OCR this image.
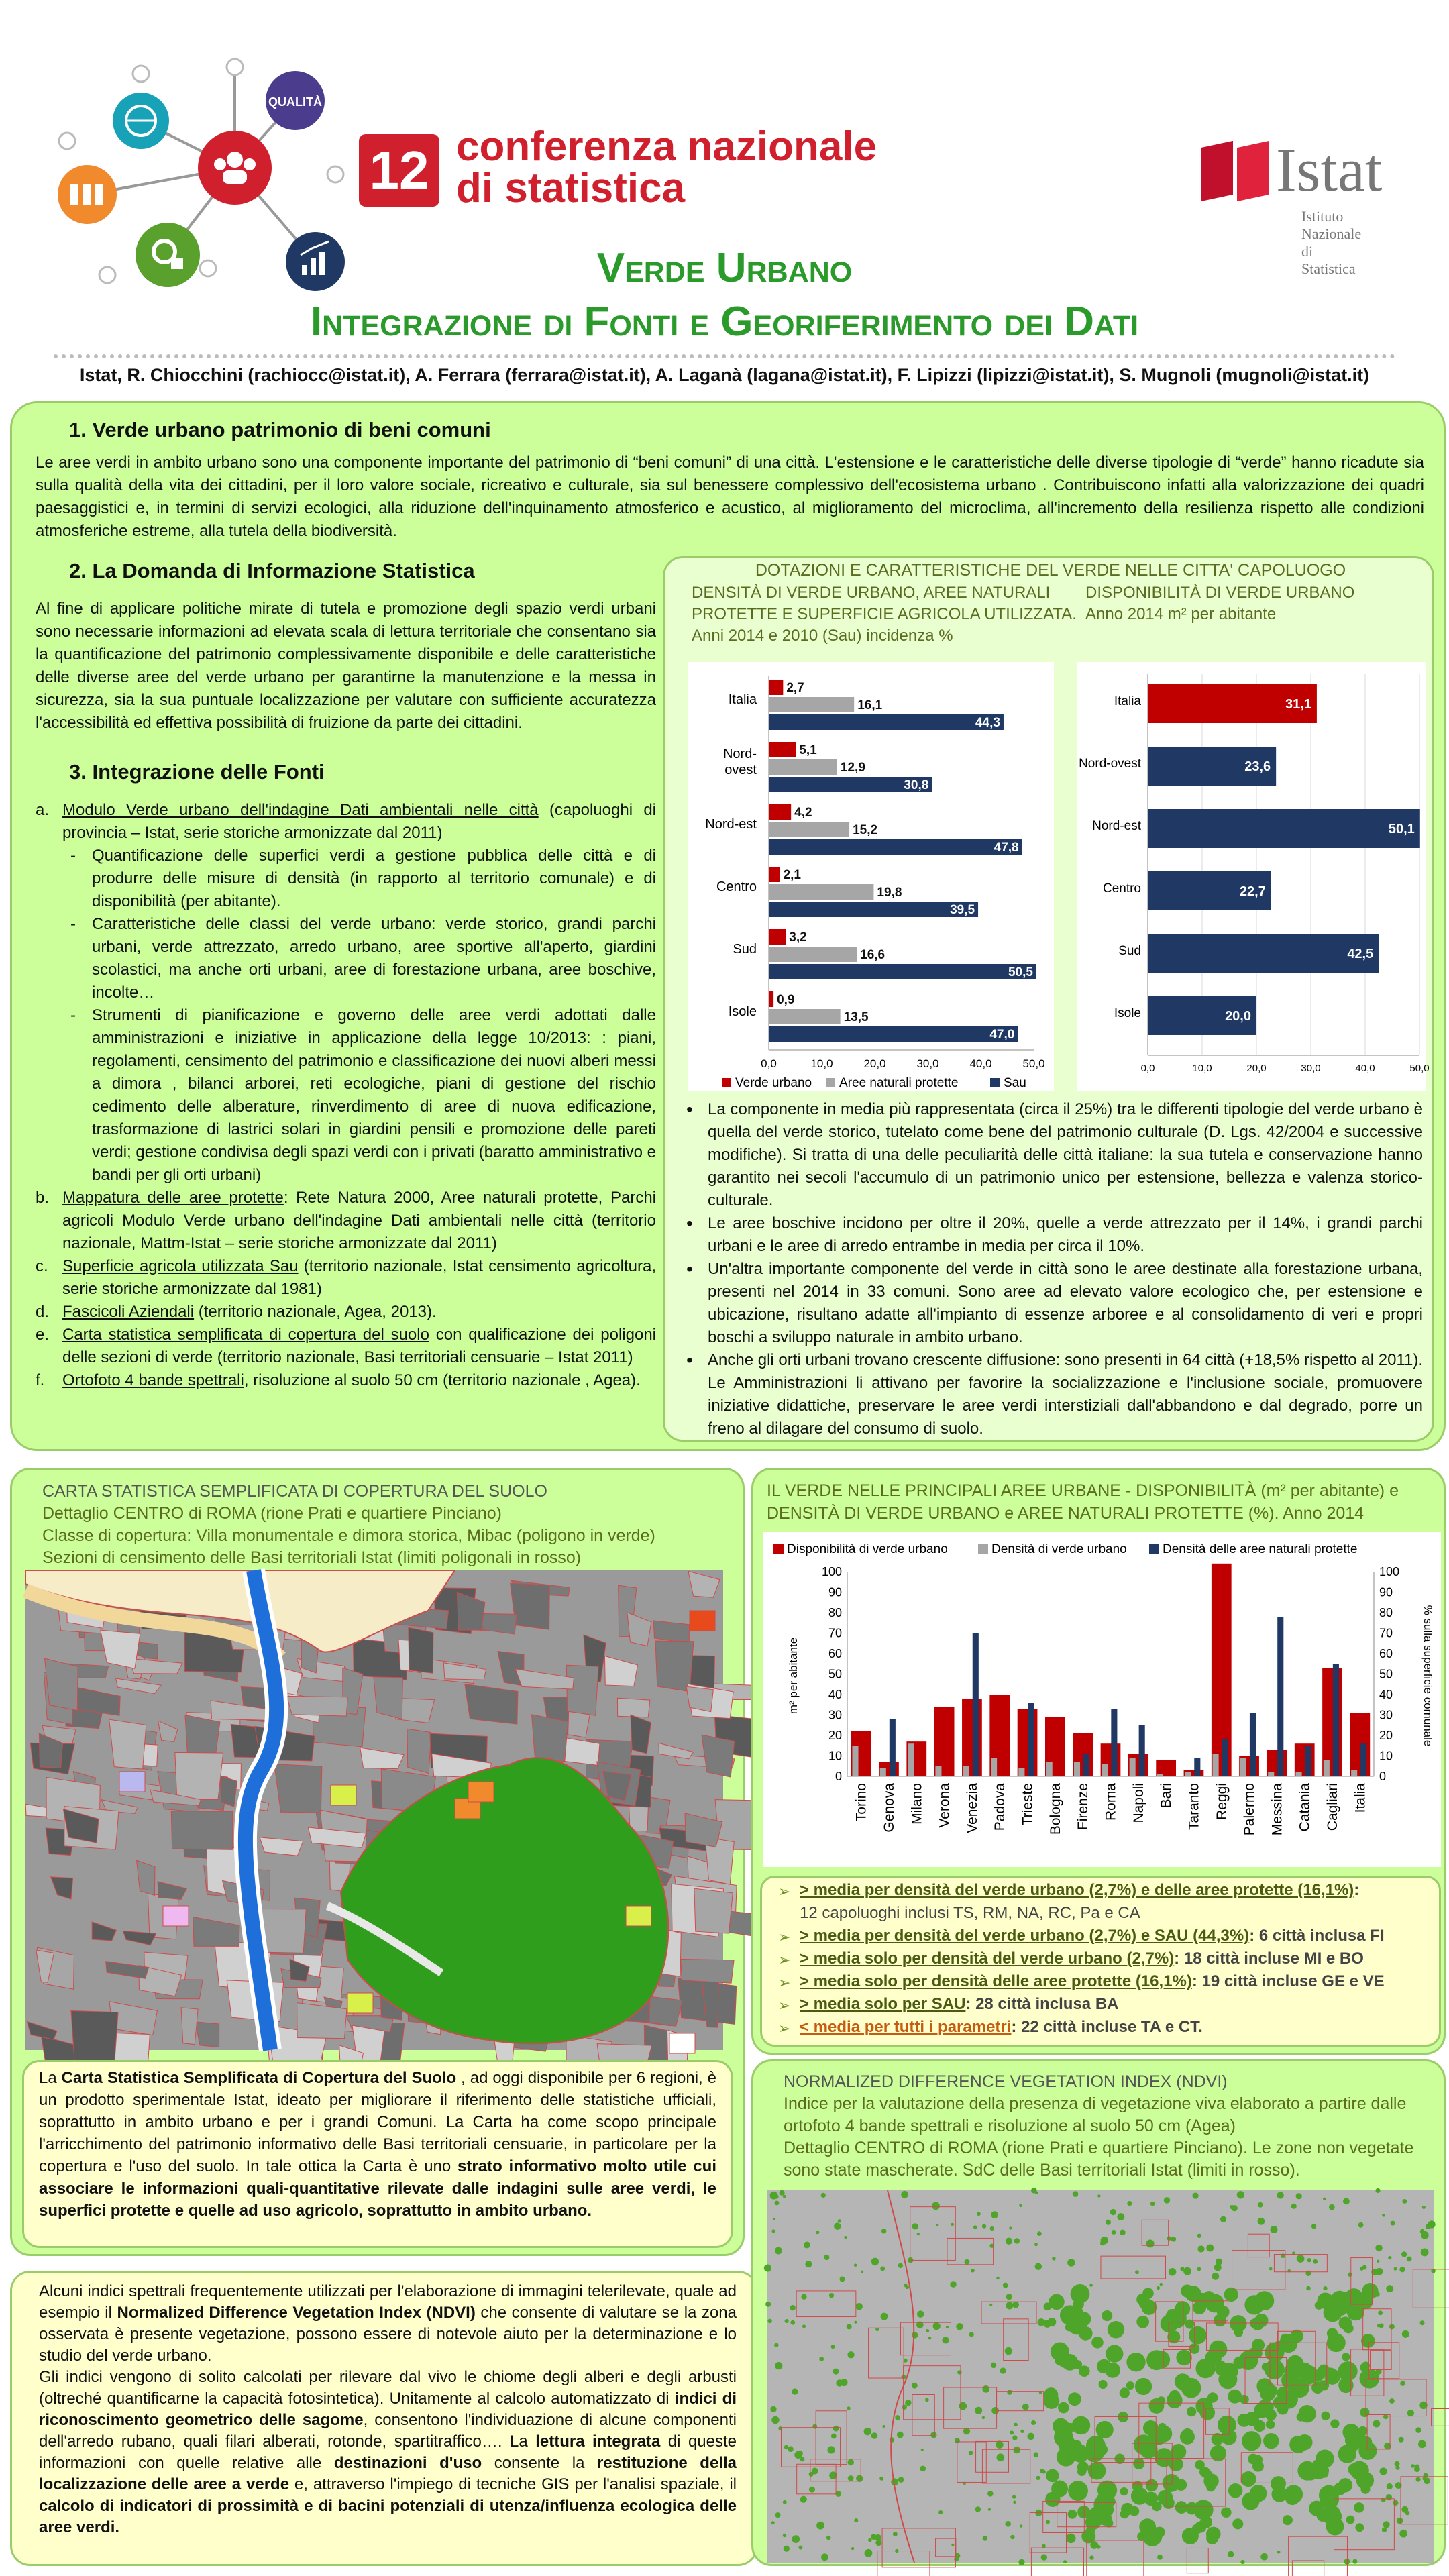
QUALITÀ
12 conferenza nazionale
di statistica	Istat
Istituto Nazionale
di Statistica
Verde Urbano
Integrazione di Fonti e Georiferimento dei Dati
Istat, R. Chiocchini (rachiocc@istat.it), A. Ferrara (ferrara@istat.it), A. Laganà (lagana@istat.it), F. Lipizzi (lipizzi@istat.it), S. Mugnoli (mugnoli@istat.it)
1. Verde urbano patrimonio di beni comuni
Le aree verdi in ambito urbano sono una componente importante del patrimonio di “beni comuni” di una città. L'estensione e le caratteristiche delle diverse tipologie di “verde” hanno ricadute sia sulla qualità della vita dei cittadini, per il loro valore sociale, ricreativo e culturale, sia sul benessere complessivo dell'ecosistema urbano . Contribuiscono infatti alla valorizzazione dei quadri paesaggistici e, in termini di servizi ecologici, alla riduzione dell'inquinamento atmosferico e acustico, al miglioramento del microclima, all'incremento della resilienza rispetto alle condizioni atmosferiche estreme, alla tutela della biodiversità.
2. La Domanda di Informazione Statistica
Al fine di applicare politiche mirate di tutela e promozione degli spazio verdi urbani sono necessarie informazioni ad elevata scala di lettura territoriale che consentano sia la quantificazione del patrimonio complessivamente disponibile e delle caratteristiche delle diverse aree del verde urbano per garantirne la manutenzione e la messa in sicurezza, sia la sua puntuale localizzazione per valutare con sufficiente accuratezza l'accessibilità ed effettiva possibilità di fruizione da parte dei cittadini.
3. Integrazione delle Fonti
a. Modulo Verde urbano dell'indagine Dati ambientali nelle città (capoluoghi di provincia – Istat, serie storiche armonizzate dal 2011)
- Quantificazione delle superfici verdi a gestione pubblica delle città e di produrre delle misure di densità (in rapporto al territorio comunale) e di disponibilità (per abitante).
- Caratteristiche delle classi del verde urbano: verde storico, grandi parchi urbani, verde attrezzato, arredo urbano, aree sportive all'aperto, giardini scolastici, ma anche orti urbani, aree di forestazione urbana, aree boschive, incolte…
- Strumenti di pianificazione e governo delle aree verdi adottati dalle amministrazioni e iniziative in applicazione della legge 10/2013: : piani, regolamenti, censimento del patrimonio e classificazione dei nuovi alberi messi a dimora , bilanci arborei, reti ecologiche, piani di gestione del rischio cedimento delle alberature, rinverdimento di aree di nuova edificazione, trasformazione di lastrici solari in giardini pensili e promozione delle pareti verdi; gestione condivisa degli spazi verdi con i privati (baratto amministrativo e bandi per gli orti urbani)
b. Mappatura delle aree protette: Rete Natura 2000, Aree naturali protette, Parchi agricoli Modulo Verde urbano dell'indagine Dati ambientali nelle città (territorio nazionale, Mattm-Istat – serie storiche armonizzate dal 2011)
c. Superficie agricola utilizzata Sau (territorio nazionale, Istat censimento agricoltura, serie storiche armonizzate dal 1981)
d. Fascicoli Aziendali (territorio nazionale, Agea, 2013).
e. Carta statistica semplificata di copertura del suolo con qualificazione dei poligoni delle sezioni di verde (territorio nazionale, Basi territoriali censuarie – Istat 2011)
f. Ortofoto 4 bande spettrali, risoluzione al suolo 50 cm (territorio nazionale , Agea).
DOTAZIONI E CARATTERISTICHE DEL VERDE NELLE CITTA' CAPOLUOGO
DENSITÀ DI VERDE URBANO, AREE NATURALI PROTETTE E SUPERFICIE AGRICOLA UTILIZZATA.
Anni 2014 e 2010 (Sau) incidenza %
DISPONIBILITÀ DI VERDE URBANO
Anno 2014 m² per abitante
Italia
2,7
16,1
44,3
Nord-
ovest
5,1
12,9
30,8
Nord-est
4,2
15,2
47,8
Centro
2,1
19,8
39,5
Sud
3,2
16,6
50,5
Isole
0,9
13,5
47,0
0,0	10,0	20,0	30,0	40,0	50,0
Verde urbano Aree naturali protette	Sau
Italia	31,1
Nord-ovest	23,6
Nord-est	50,1
Centro	22,7
Sud	42,5
Isole	20,0
0,0	10,0	20,0	30,0	40,0	50,0
• La componente in media più rappresentata (circa il 25%) tra le differenti tipologie del verde urbano è quella del verde storico, tutelato come bene del patrimonio culturale (D. Lgs. 42/2004 e successive modifiche). Si tratta di una delle peculiarità delle città italiane: la sua tutela e conservazione hanno garantito nei secoli l'accumulo di un patrimonio unico per estensione, bellezza e valenza storico-culturale.
• Le aree boschive incidono per oltre il 20%, quelle a verde attrezzato per il 14%, i grandi parchi urbani e le aree di arredo entrambe in media per circa il 10%.
• Un'altra importante componente del verde in città sono le aree destinate alla forestazione urbana, presenti nel 2014 in 33 comuni. Sono aree ad elevato valore ecologico che, per estensione e ubicazione, risultano adatte all'impianto di essenze arboree e al consolidamento di veri e propri boschi a sviluppo naturale in ambito urbano.
• Anche gli orti urbani trovano crescente diffusione: sono presenti in 64 città (+18,5% rispetto al 2011). Le Amministrazioni li attivano per favorire la socializzazione e l'inclusione sociale, promuovere iniziative didattiche, preservare le aree verdi interstiziali dall'abbandono e dal degrado, porre un freno al dilagare del consumo di suolo.
CARTA STATISTICA SEMPLIFICATA DI COPERTURA DEL SUOLO
Dettaglio CENTRO di ROMA (rione Prati e quartiere Pinciano)
Classe di copertura: Villa monumentale e dimora storica, Mibac (poligono in verde)
Sezioni di censimento delle Basi territoriali Istat (limiti poligonali in rosso)
La Carta Statistica Semplificata di Copertura del Suolo , ad oggi disponibile per 6 regioni, è un prodotto sperimentale Istat, ideato per migliorare il riferimento delle statistiche ufficiali, soprattutto in ambito urbano e per i grandi Comuni. La Carta ha come scopo principale l'arricchimento del patrimonio informativo delle Basi territoriali censuarie, in particolare per la copertura e l'uso del suolo. In tale ottica la Carta è uno strato informativo molto utile cui associare le informazioni quali-quantitative rilevate dalle indagini sulle aree verdi, le superfici protette e quelle ad uso agricolo, soprattutto in ambito urbano.
Alcuni indici spettrali frequentemente utilizzati per l'elaborazione di immagini telerilevate, quale ad esempio il Normalized Difference Vegetation Index (NDVI) che consente di valutare se la zona osservata è presente vegetazione, possono essere di notevole aiuto per la determinazione e lo studio del verde urbano.
Gli indici vengono di solito calcolati per rilevare dal vivo le chiome degli alberi e degli arbusti (oltreché quantificarne la capacità fotosintetica). Unitamente al calcolo automatizzato di indici di riconoscimento geometrico delle sagome, consentono l'individuazione di alcune componenti dell'arredo rubano, quali filari alberati, rotonde, spartitraffico…. La lettura integrata di queste informazioni con quelle relative alle destinazioni d'uso consente la restituzione della localizzazione delle aree a verde e, attraverso l'impiego di tecniche GIS per l'analisi spaziale, il calcolo di indicatori di prossimità e di bacini potenziali di utenza/influenza ecologica delle aree verdi.
IL VERDE NELLE PRINCIPALI AREE URBANE - DISPONIBILITÀ (m² per abitante) e DENSITÀ DI VERDE URBANO e AREE NATURALI PROTETTE (%). Anno 2014
Disponibilità di verde urbano	Densità di verde urbano	Densità delle aree naturali protette
0
10
20
30
40
50
60
70
80
90
100
0
10
20
30
40
50
60
70
80
90
100
m² per abitante	% sulla superficie comunale
Torino Genova Milano Verona Venezia Padova Trieste Bologna Firenze Roma Napoli Bari Taranto Reggi Palermo Messina Catania Cagliari Italia
➢ > media per densità del verde urbano (2,7%) e delle aree protette (16,1%):
12 capoluoghi inclusi TS, RM, NA, RC, Pa e CA
➢ > media per densità del verde urbano (2,7%) e SAU (44,3%): 6 città inclusa FI
➢ > media solo per densità del verde urbano (2,7%): 18 città incluse MI e BO
➢ > media solo per densità delle aree protette (16,1%): 19 città incluse GE e VE
➢ > media solo per SAU: 28 città inclusa BA
➢ < media per tutti i parametri: 22 città incluse TA e CT.
NORMALIZED DIFFERENCE VEGETATION INDEX (NDVI)
Indice per la valutazione della presenza di vegetazione viva elaborato a partire dalle ortofoto 4 bande spettrali e risoluzione al suolo 50 cm (Agea)
Dettaglio CENTRO di ROMA (rione Prati e quartiere Pinciano). Le zone non vegetate sono state mascherate. SdC delle Basi territoriali Istat (limiti in rosso).
